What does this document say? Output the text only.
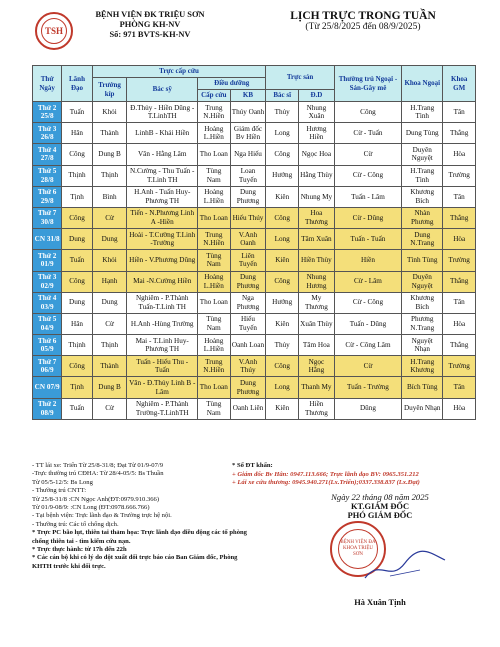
TSH
BỆNH VIỆN ĐK TRIỆU SƠN
PHÒNG KH-NV
Số: 971 BVTS-KH-NV
LỊCH TRỰC TRONG TUẦN
(Từ 25/8/2025 đến 08/9/2025)
Thứ Ngày	Lãnh Đạo	Trực cấp cứu				Trực sản		Thường trú Ngoại -Sản-Gây mê	Khoa Ngoại	Khoa GM
		Trưởng kíp	Bác sỹ	Điều dưỡng						
				Cấp cứu	KB	Bác sĩ	Đ.D			
Thứ 2 25/8	Tuấn	Khỏi	Đ.Thủy - Hiền Dũng - T.LinhTH	Trung N.Hiền	Thúy Oanh	Thủy	Nhung Xuân	Công	H.Trang Tình	Tân
Thứ 3 26/8	Hân	Thành	LinhB - Khải Hiền	Hoàng L.Hiền	Giám đốc Bv Hiền	Long	Hương Hiền	Cừ - Tuấn	Dung Tùng	Thắng
Thứ 4 27/8	Công	Dung B	Vân - Hằng Lâm	Tho Loan	Nga Hiếu	Công	Ngọc Hoa	Cừ	Duyên Nguyệt	Hòa
Thứ 5 28/8	Thịnh	Thịnh	N.Cường - Thu Tuấn - T.Linh TH	Tùng Nam	Loan Tuyến	Hướng	Hằng Thùy	Cừ - Công	H.Trang Tình	Trường
Thứ 6 29/8	Tịnh	Bình	H.Anh - Tuấn Huy-Phương TH	Hoàng L.Hiền	Dung Phương	Kiên	Nhung My	Tuấn - Lâm	Khương Bích	Tân
Thứ 7 30/8	Công	Cừ	Tiến - N.Phương Linh A -Hiền	Tho Loan	Hiếu Thúy	Công	Hoa Thương	Cừ - Dũng	Nhàn Phương	Thắng
CN 31/8	Dung	Dung	Hoài - T.Cường T.Linh -Trường	Trung N.Hiền	V.Anh Oanh	Long	Tâm Xuân	Tuấn - Tuấn	Dung N.Trang	Hòa
Thứ 2 01/9	Tuấn	Khỏi	Hiền - V.Phương Dũng	Tùng Nam	Liên Tuyến	Kiên	Hiền Thùy	Hiền	Tình Tùng	Trường
Thứ 3 02/9	Công	Hạnh	Mai -N.Cường Hiền	Hoàng L.Hiền	Dung Phương	Công	Nhung Hương	Cừ - Lâm	Duyên Nguyệt	Thắng
Thứ 4 03/9	Dung	Dung	Nghiêm - P.Thành Tuấn-T.Linh TH	Tho Loan	Nga Phương	Hướng	My Thương	Cừ - Công	Khương Bích	Tân
Thứ 5 04/9	Hân	Cừ	H.Anh -Hùng Trường	Tùng Nam	Hiếu Tuyến	Kiên	Xuân Thùy	Tuấn - Dũng	Phương N.Trang	Hòa
Thứ 6 05/9	Thịnh	Thịnh	Mai - T.Linh Huy-Phương TH	Hoàng L.Hiền	Oanh Loan	Thủy	Tâm Hoa	Cừ - Công Lâm	Nguyệt Nhạn	Thắng
Thứ 7 06/9	Công	Thành	Tuấn - Hiếu Thu - Tuấn	Trung N.Hiền	V.Anh Thúy	Công	Ngọc Hằng	Cừ	H.Trang Khương	Trường
CN 07/9	Tịnh	Dung B	Vân - Đ.Thủy Linh B -Lâm	Tho Loan	Dung Phương	Long	Thanh My	Tuấn - Trường	Bích Tùng	Tân
Thứ 2 08/9	Tuấn	Cừ	Nghiêm - P.Thành Trường-T.LinhTH	Tùng Nam	Oanh Liên	Kiên	Hiền Thương	Dũng	Duyên Nhạn	Hòa

- TT lái xe: Triển Từ 25/8-31/8; Đạt Từ 01/9-07/9

-Trực thường trú CĐHA: Từ 28/4-05/5: Bs Thuần

Từ 05/5-12/5: Bs Long

- Thường trú CNTT:

Từ 25/8-31/8 :CN Ngọc Anh(ĐT:0979.910.366)

Từ 01/9-08/9: :CN Long (ĐT:0978.666.766)

- Tại bệnh viện: Trực lãnh đạo & Trường trực hệ nội.

- Thường trú: Các tổ chống dịch.

* Trực PC bão lụt, thiên tai thảm họa: Trực lãnh đạo điều động các tổ phòng chống thiên tai - tìm kiếm cứu nạn.

* Trực thực hành: từ 17h đến 22h

* Các cán bộ khi có lý do đột xuất đổi trực báo cáo Ban Giám đốc, Phòng KHTH trước khi đổi trực.

* Số ĐT khẩn:
+ Giám đốc Bv Hân: 0947.113.666; Trực lãnh đạo BV: 0965.351.212
+ Lái xe cứu thương: 0945.940.271(Lx.Triển);0337.338.837 (Lx.Đạt)
Ngày 22 tháng 08 năm 2025
KT.GIÁM ĐỐC
PHÓ GIÁM ĐỐC
Hà Xuân Tịnh
BỆNH VIỆN ĐA KHOA TRIỆU SƠN
